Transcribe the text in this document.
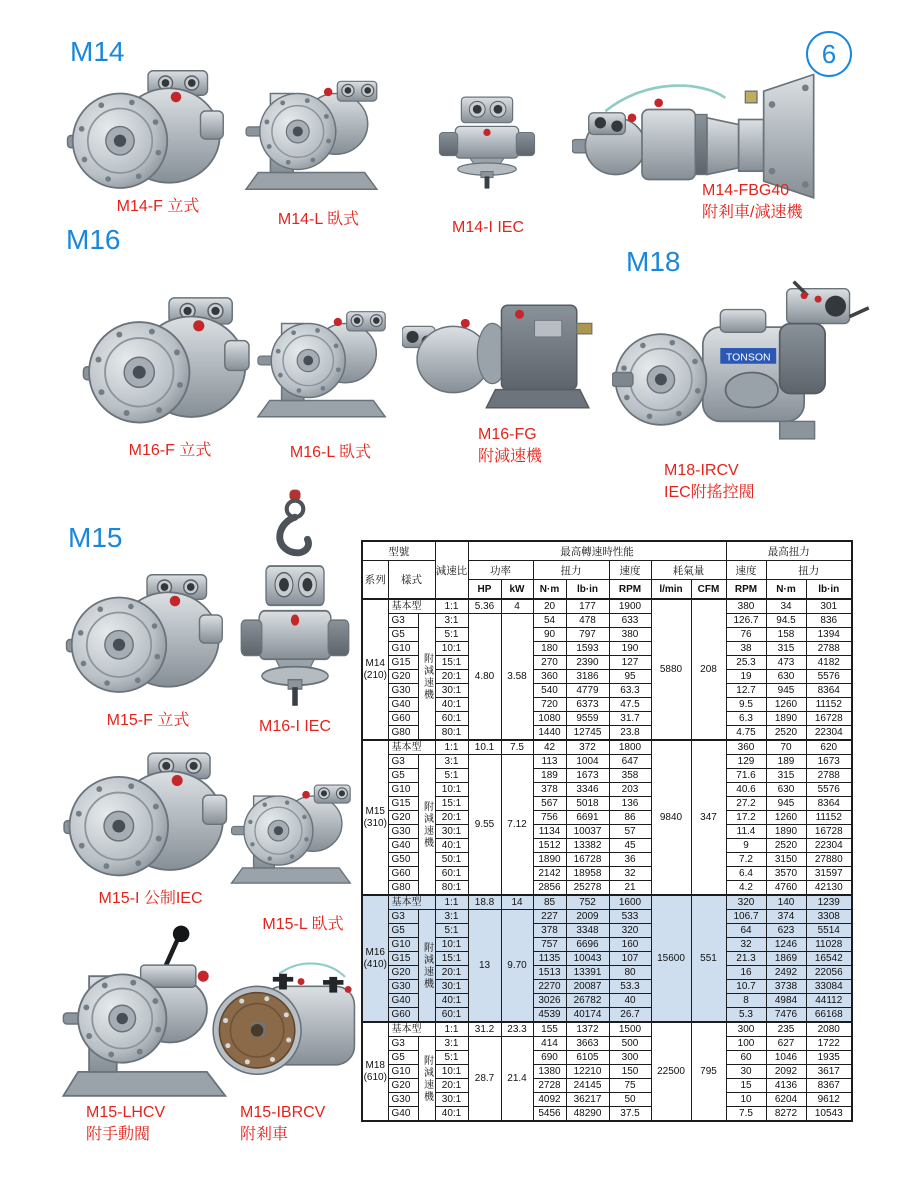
M14
M16
M18
M15
6
TONSON
M14-F 立式
M14-L 臥式	M14-I IEC
M14-FBG40
附剎車/減速機
M16-F 立式	M16-L 臥式
M16-FG
附減速機
M18-IRCV
IEC附搖控閥
M15-F 立式	M16-I IEC
M15-I 公制IEC
M15-L 臥式
M15-LHCV
附手動閥
M15-IBRCV
附剎車
型號			減速比	最高轉速時性能							最高扭力		
系列	樣式			功率		扭力		速度	耗氣量		速度	扭力	
				HP	kW	N·m	lb·in	RPM	l/min	CFM	RPM	N·m	lb·in
M14
(210)	基本型		1:1	5.36	4	20	177	1900	5880	208	380	34	301
	G3	附減速機	3:1	4.80	3.58	54	478	633			126.7	94.5	836
	G5		5:1			90	797	380			76	158	1394
	G10		10:1			180	1593	190			38	315	2788
	G15		15:1			270	2390	127			25.3	473	4182
	G20		20:1			360	3186	95			19	630	5576
	G30		30:1			540	4779	63.3			12.7	945	8364
	G40		40:1			720	6373	47.5			9.5	1260	11152
	G60		60:1			1080	9559	31.7			6.3	1890	16728
	G80		80:1			1440	12745	23.8			4.75	2520	22304
M15
(310)	基本型		1:1	10.1	7.5	42	372	1800	9840	347	360	70	620
	G3	附減速機	3:1	9.55	7.12	113	1004	647			129	189	1673
	G5		5:1			189	1673	358			71.6	315	2788
	G10		10:1			378	3346	203			40.6	630	5576
	G15		15:1			567	5018	136			27.2	945	8364
	G20		20:1			756	6691	86			17.2	1260	11152
	G30		30:1			1134	10037	57			11.4	1890	16728
	G40		40:1			1512	13382	45			9	2520	22304
	G50		50:1			1890	16728	36			7.2	3150	27880
	G60		60:1			2142	18958	32			6.4	3570	31597
	G80		80:1			2856	25278	21			4.2	4760	42130
M16
(410)	基本型		1:1	18.8	14	85	752	1600	15600	551	320	140	1239
	G3	附減速機	3:1	13	9.70	227	2009	533			106.7	374	3308
	G5		5:1			378	3348	320			64	623	5514
	G10		10:1			757	6696	160			32	1246	11028
	G15		15:1			1135	10043	107			21.3	1869	16542
	G20		20:1			1513	13391	80			16	2492	22056
	G30		30:1			2270	20087	53.3			10.7	3738	33084
	G40		40:1			3026	26782	40			8	4984	44112
	G60		60:1			4539	40174	26.7			5.3	7476	66168
M18
(610)	基本型		1:1	31.2	23.3	155	1372	1500	22500	795	300	235	2080
	G3	附減速機	3:1	28.7	21.4	414	3663	500			100	627	1722
	G5		5:1			690	6105	300			60	1046	1935
	G10		10:1			1380	12210	150			30	2092	3617
	G20		20:1			2728	24145	75			15	4136	8367
	G30		30:1			4092	36217	50			10	6204	9612
	G40		40:1			5456	48290	37.5			7.5	8272	10543
